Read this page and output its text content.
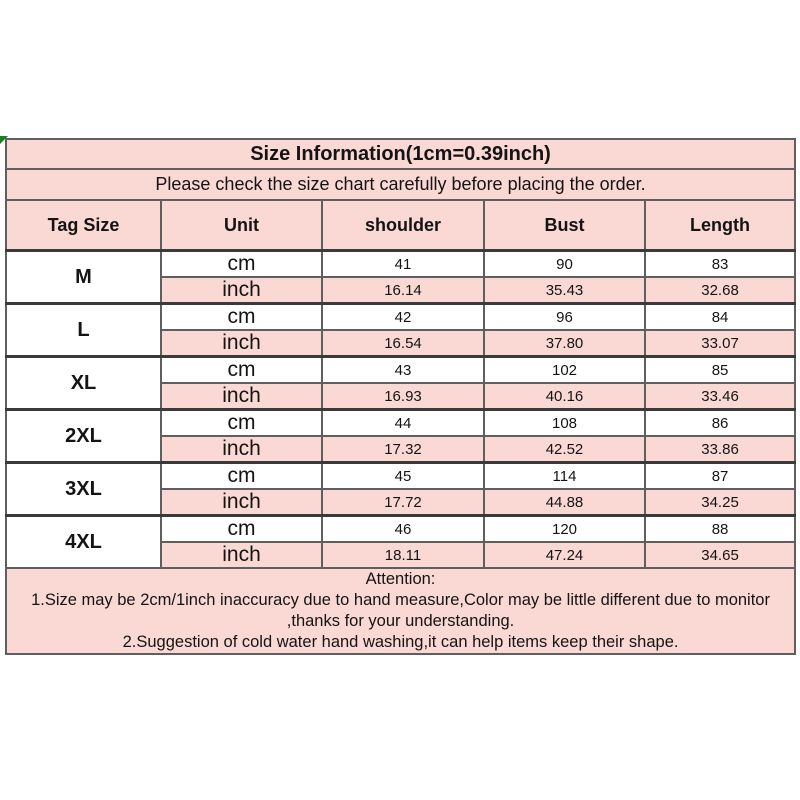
Size Information(1cm=0.39inch)				
Please check the size chart carefully before placing the order.				
Tag Size	Unit	shoulder	Bust	Length
M	cm	41	90	83
	inch	16.14	35.43	32.68
L	cm	42	96	84
	inch	16.54	37.80	33.07
XL	cm	43	102	85
	inch	16.93	40.16	33.46
2XL	cm	44	108	86
	inch	17.32	42.52	33.86
3XL	cm	45	114	87
	inch	17.72	44.88	34.25
4XL	cm	46	120	88
	inch	18.11	47.24	34.65

Attention:
1.Size may be 2cm/1inch inaccuracy due to hand measure,Color may be little different due to monitor
,thanks for your understanding.
2.Suggestion of cold water hand washing,it can help items keep their shape.				
